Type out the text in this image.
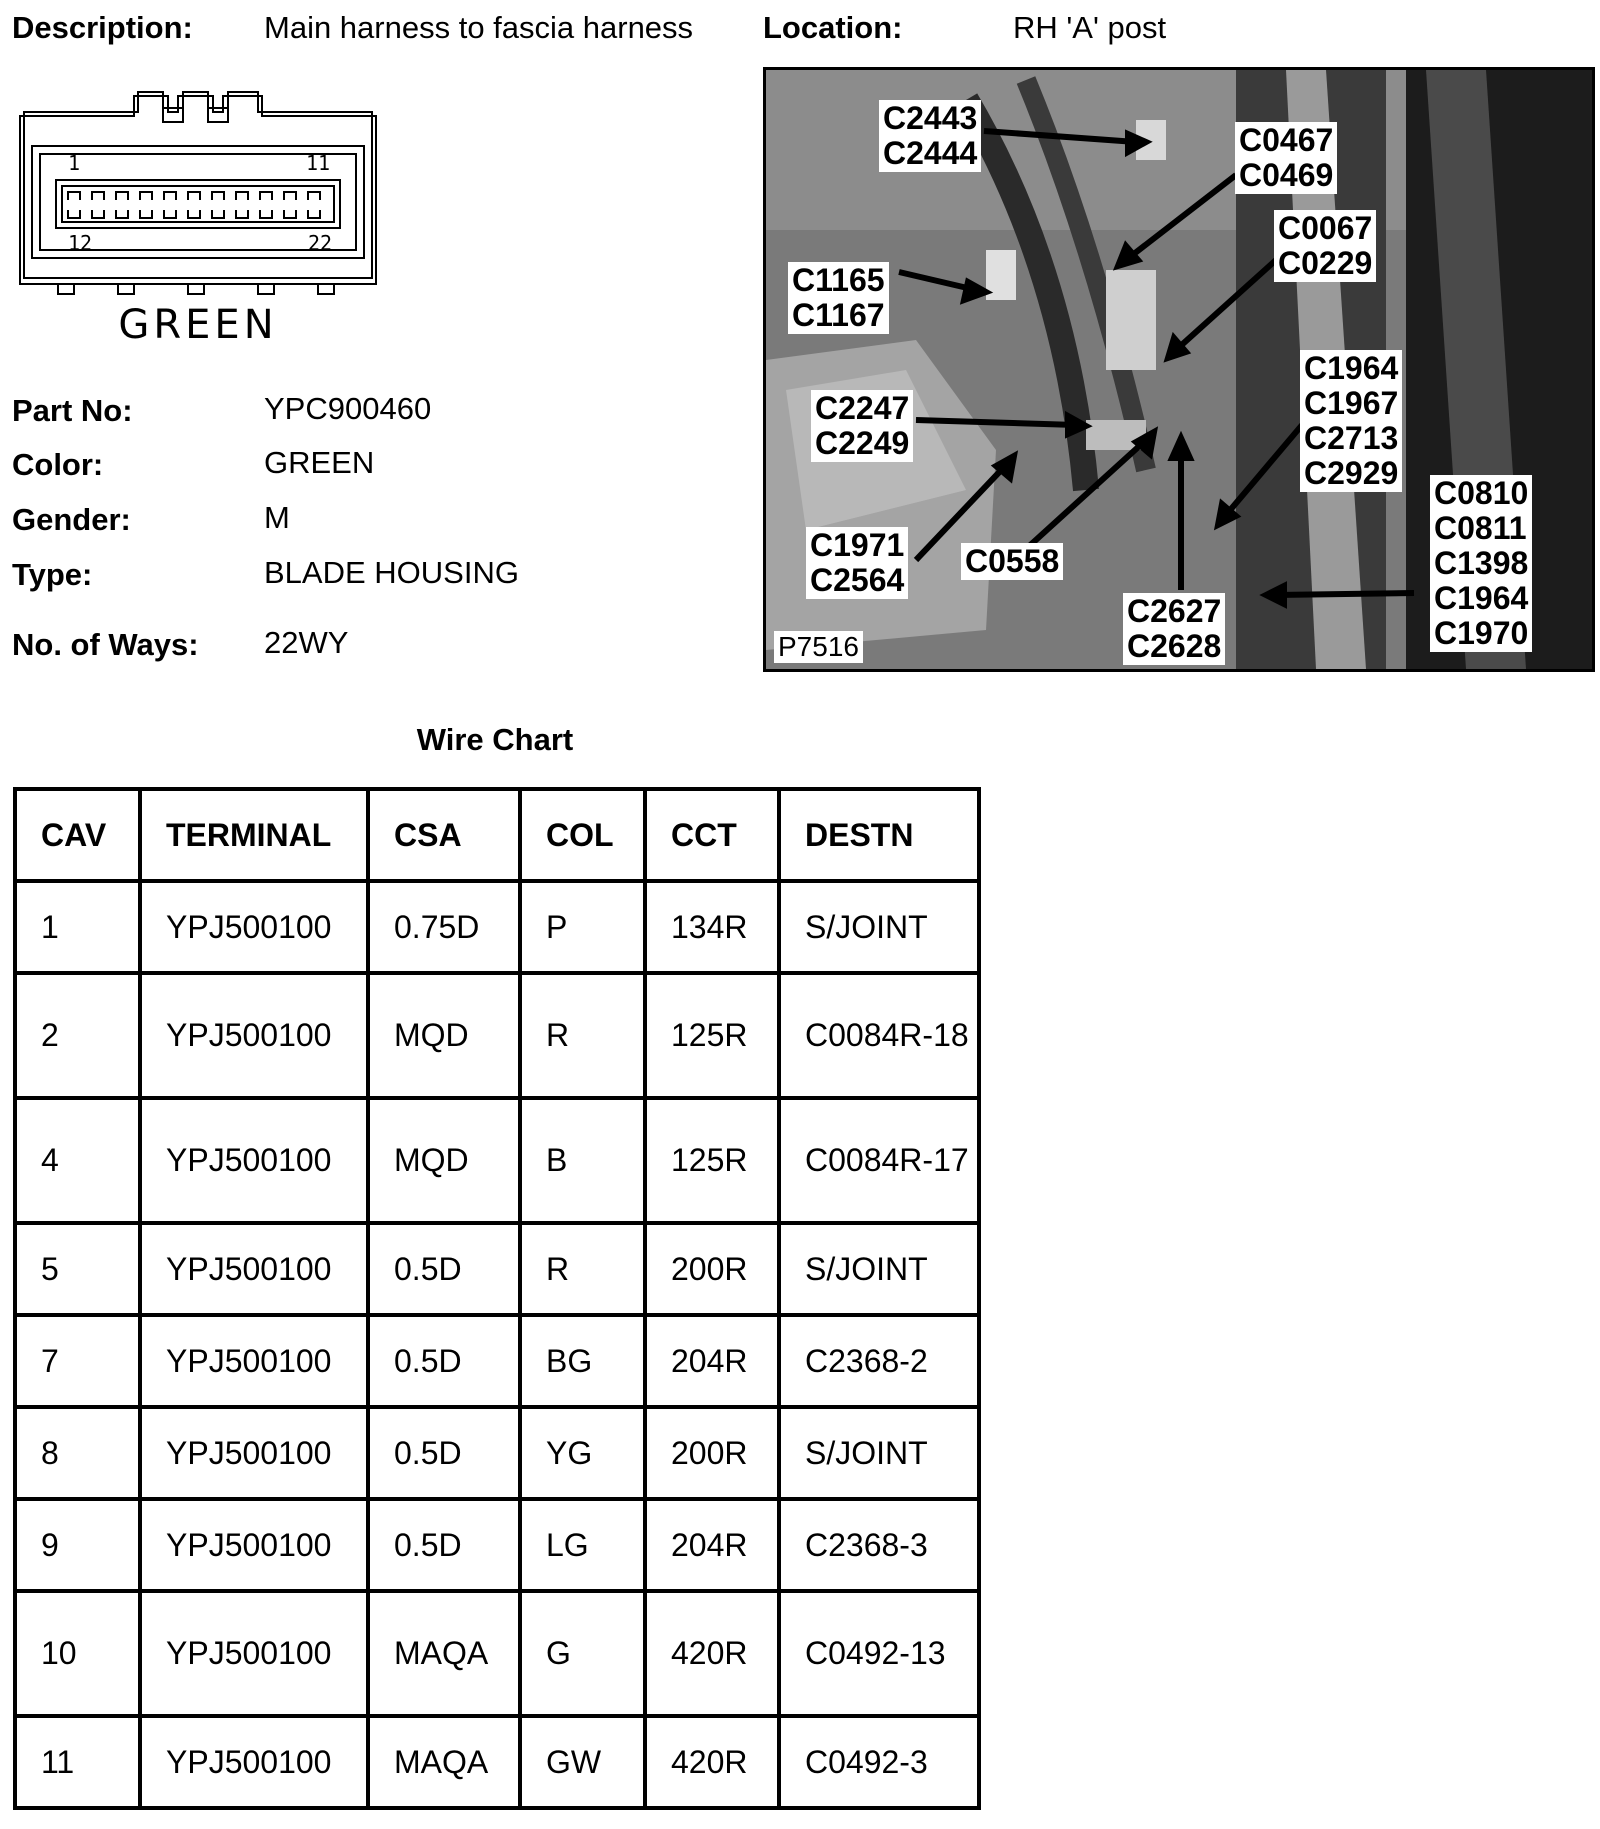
Description: Main harness to fascia harness Location:	RH 'A' post
1	11
12	22
GREEN
Part No:	YPC900460
Color:	GREEN
Gender:	M
Type:	BLADE HOUSING
No. of Ways: 22WY
C2443
C2444	C0467
C0469
C0067
C0229
C1165
C1167
C1964
C1967
C2713
C2929
C2247
C2249
C0810
C0811
C1398
C1964
C1970
C1971
C2564
C0558
C2627
C2628
P7516
Wire Chart
CAV	TERMINAL	CSA	COL	CCT	DESTN
1	YPJ500100	0.75D	P	134R	S/JOINT
2	YPJ500100	MQD	R	125R	C0084R-18
4	YPJ500100	MQD	B	125R	C0084R-17
5	YPJ500100	0.5D	R	200R	S/JOINT
7	YPJ500100	0.5D	BG	204R	C2368-2
8	YPJ500100	0.5D	YG	200R	S/JOINT
9	YPJ500100	0.5D	LG	204R	C2368-3
10	YPJ500100	MAQA	G	420R	C0492-13
11	YPJ500100	MAQA	GW	420R	C0492-3
